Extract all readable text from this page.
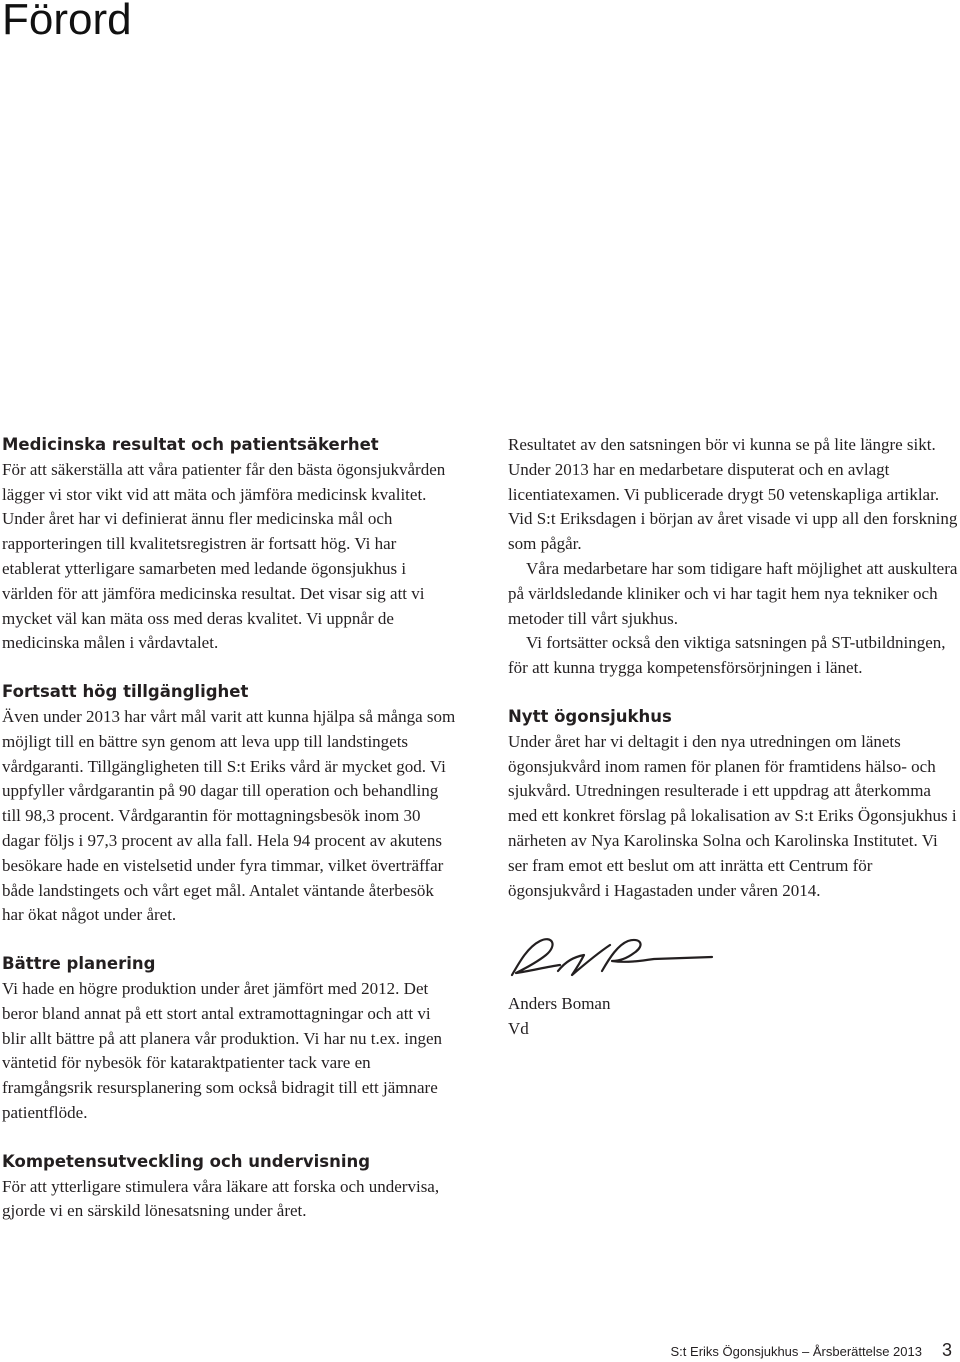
Förord

Medicinska resultat och patientsäkerhet

För att säkerställa att våra patienter får den bästa ögonsjukvården lägger vi stor vikt vid att mäta och jämföra medicinsk kvalitet. Under året har vi definierat ännu fler medicinska mål och rapporteringen till kvalitetsregistren är fortsatt hög. Vi har etablerat ytterligare samarbeten med ledande ögonsjukhus i världen för att jämföra medicinska resultat. Det visar sig att vi mycket väl kan mäta oss med deras kvalitet. Vi uppnår de medicinska målen i vårdavtalet.

Fortsatt hög tillgänglighet

Även under 2013 har vårt mål varit att kunna hjälpa så många som möjligt till en bättre syn genom att leva upp till landstingets vårdgaranti. Tillgängligheten till S:t Eriks vård är mycket god. Vi uppfyller vårdgarantin på 90 dagar till operation och behandling till 98,3 procent. Vårdgarantin för mottagningsbesök inom 30 dagar följs i 97,3 procent av alla fall. Hela 94 procent av akutens besökare hade en vistelsetid under fyra timmar, vilket överträffar både landstingets och vårt eget mål. Antalet väntande återbesök har ökat något under året.

Bättre planering

Vi hade en högre produktion under året jämfört med 2012. Det beror bland annat på ett stort antal extramottagningar och att vi blir allt bättre på att planera vår produktion. Vi har nu t.ex. ingen väntetid för nybesök för kataraktpatienter tack vare en framgångsrik resursplanering som också bidragit till ett jämnare patientflöde.

Kompetensutveckling och undervisning

För att ytterligare stimulera våra läkare att forska och undervisa, gjorde vi en särskild lönesatsning under året.

Resultatet av den satsningen bör vi kunna se på lite längre sikt. Under 2013 har en medarbetare disputerat och en avlagt licentiatexamen. Vi publicerade drygt 50 vetenskapliga artiklar. Vid S:t Eriksdagen i början av året visade vi upp all den forskning som pågår.

Våra medarbetare har som tidigare haft möjlighet att auskultera på världsledande kliniker och vi har tagit hem nya tekniker och metoder till vårt sjukhus.

Vi fortsätter också den viktiga satsningen på ST-utbildningen, för att kunna trygga kompetensförsörjningen i länet.

Nytt ögonsjukhus

Under året har vi deltagit i den nya utredningen om länets ögonsjukvård inom ramen för planen för framtidens hälso- och sjukvård. Utredningen resulterade i ett uppdrag att återkomma med ett konkret förslag på lokalisation av S:t Eriks Ögonsjukhus i närheten av Nya Karolinska Solna och Karolinska Institutet. Vi ser fram emot ett beslut om att inrätta ett Centrum för ögonsjukvård i Hagastaden under våren 2014.

Anders Boman

Vd

S:t Eriks Ögonsjukhus – Årsberättelse 2013 3
